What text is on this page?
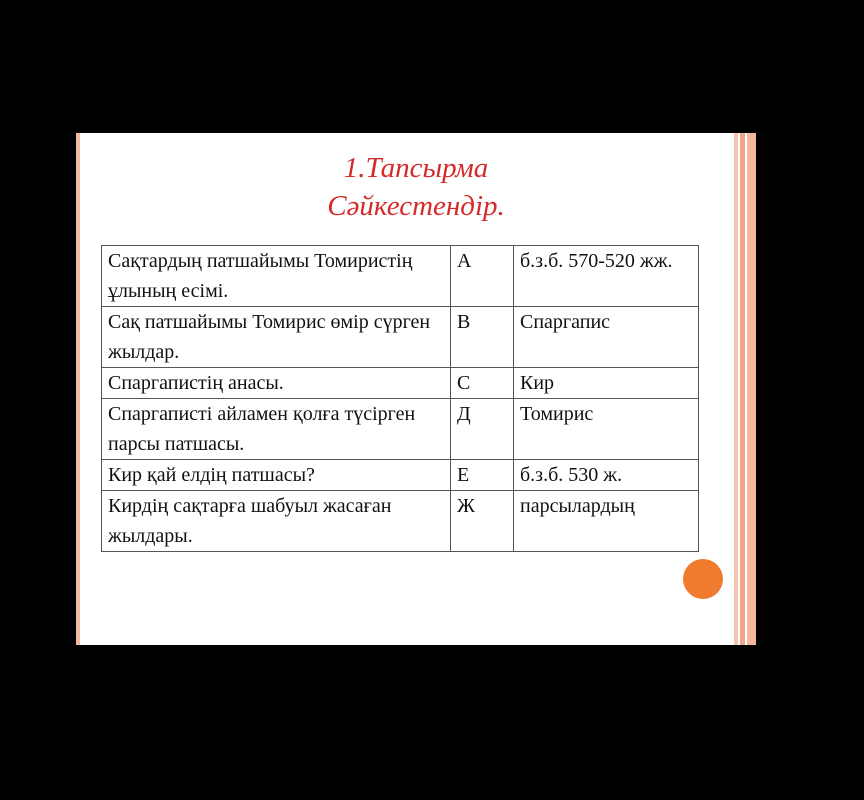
1.Тапсырма
Сәйкестендір.
Сақтардың патшайымы Томиристің ұлының есімі.	А	б.з.б. 570-520 жж.
Сақ патшайымы Томирис өмір сүрген жылдар.	В	Спаргапис
Спаргапистің анасы.	С	Кир
Спаргаписті айламен қолға түсірген парсы патшасы.	Д	Томирис
Кир қай елдің патшасы?	Е	б.з.б. 530 ж.
Кирдің сақтарға шабуыл жасаған жылдары.	Ж	парсылардың
